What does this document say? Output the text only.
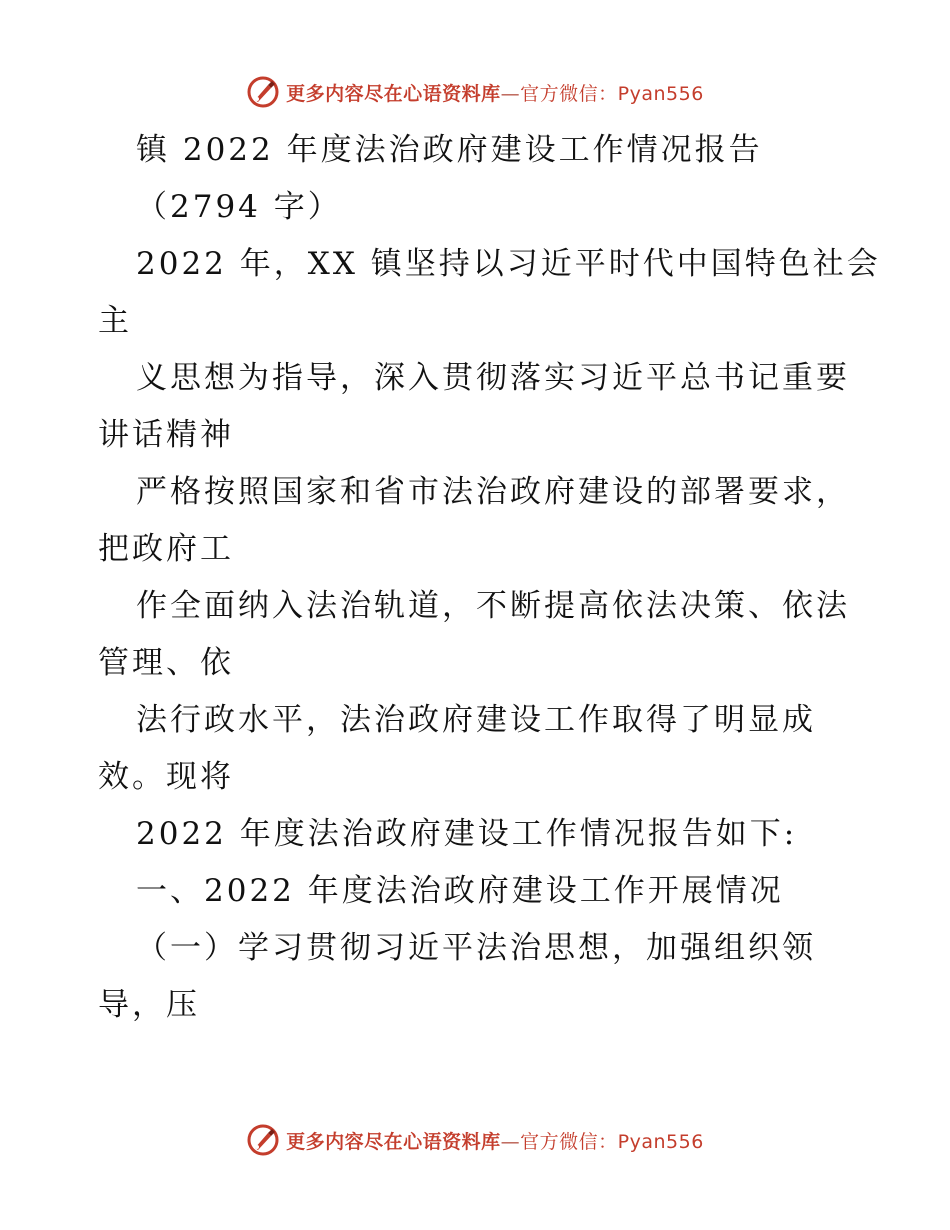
更多内容尽在心语资料库—官方微信：Pyan556
镇 2022 年度法治政府建设工作情况报告
（2794 字）
2022 年，XX 镇坚持以习近平时代中国特色社会
主
义思想为指导，深入贯彻落实习近平总书记重要
讲话精神
严格按照国家和省市法治政府建设的部署要求，
把政府工
作全面纳入法治轨道，不断提高依法决策、依法
管理、依
法行政水平，法治政府建设工作取得了明显成
效。现将
2022 年度法治政府建设工作情况报告如下:
一、2022 年度法治政府建设工作开展情况
（一）学习贯彻习近平法治思想，加强组织领
导，压
更多内容尽在心语资料库—官方微信：Pyan556
